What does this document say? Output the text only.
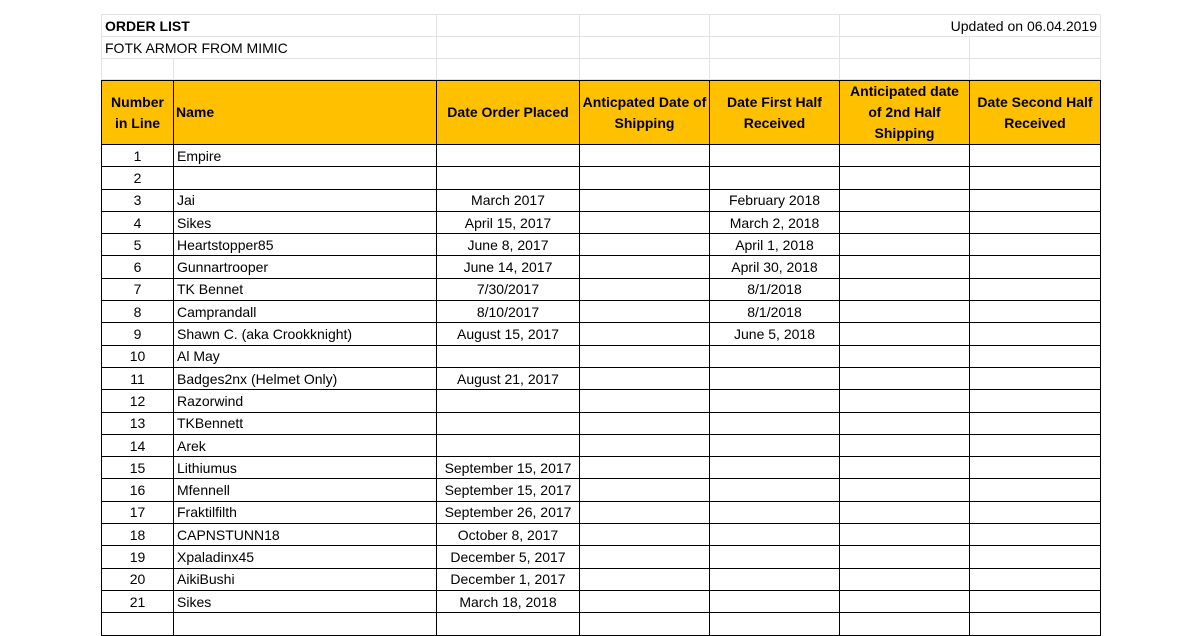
ORDER LIST					Updated on 06.04.2019	
FOTK ARMOR FROM MIMIC						

Number in Line	Name	Date Order Placed	Anticpated Date of Shipping	Date First Half Received	Anticipated date of 2nd Half Shipping	Date Second Half Received
1	Empire					
2						
3	Jai	March 2017		February 2018		
4	Sikes	April 15, 2017		March 2, 2018		
5	Heartstopper85	June 8, 2017		April 1, 2018		
6	Gunnartrooper	June 14, 2017		April 30, 2018		
7	TK Bennet	7/30/2017		8/1/2018		
8	Camprandall	8/10/2017		8/1/2018		
9	Shawn C. (aka Crookknight)	August 15, 2017		June 5, 2018		
10	Al May					
11	Badges2nx (Helmet Only)	August 21, 2017				
12	Razorwind					
13	TKBennett					
14	Arek					
15	Lithiumus	September 15, 2017				
16	Mfennell	September 15, 2017				
17	Fraktilfilth	September 26, 2017				
18	CAPNSTUNN18	October 8, 2017				
19	Xpaladinx45	December 5, 2017				
20	AikiBushi	December 1, 2017				
21	Sikes	March 18, 2018				
